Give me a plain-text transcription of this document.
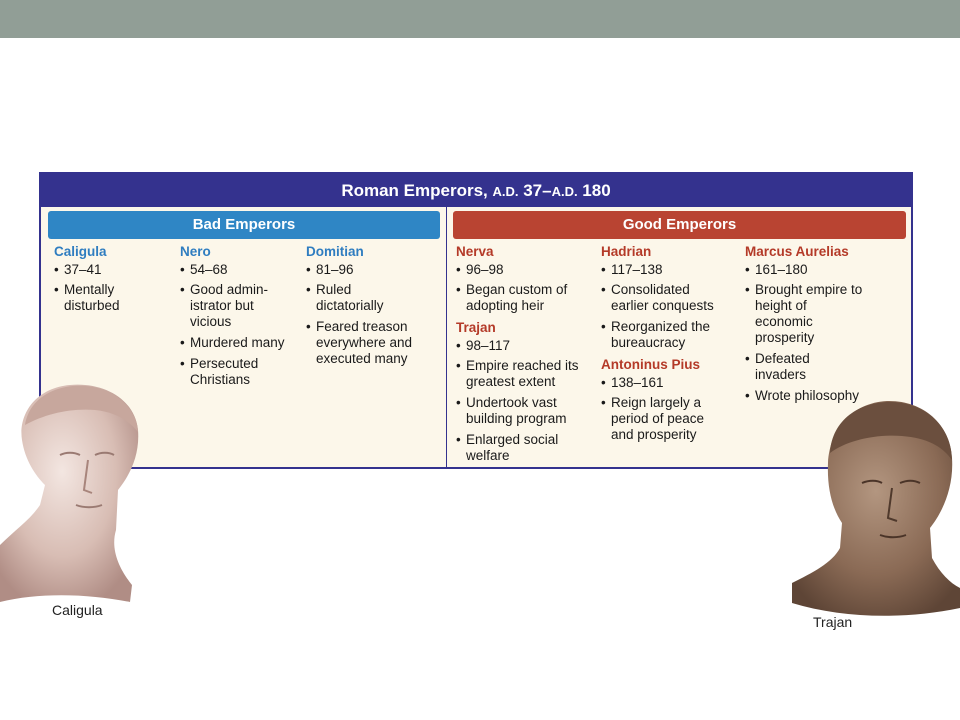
Roman Emperors, A.D. 37–A.D. 180
Bad Emperors	Good Emperors
Caligula
• 37–41
• Mentally disturbed
Nero
• 54–68
• Good admin-istrator but vicious
• Murdered many
• Persecuted Christians
Domitian
• 81–96
• Ruled dictatorially
• Feared treason everywhere and executed many
Nerva
• 96–98
• Began custom of adopting heir
Trajan
• 98–117
• Empire reached its greatest extent
• Undertook vast building program
• Enlarged social welfare
Hadrian
• 117–138
• Consolidated earlier conquests
• Reorganized the bureaucracy
Antoninus Pius
• 138–161
• Reign largely a period of peace and prosperity
Marcus Aurelias
• 161–180
• Brought empire to height of economic prosperity
• Defeated invaders
• Wrote philosophy
Caligula
Trajan
